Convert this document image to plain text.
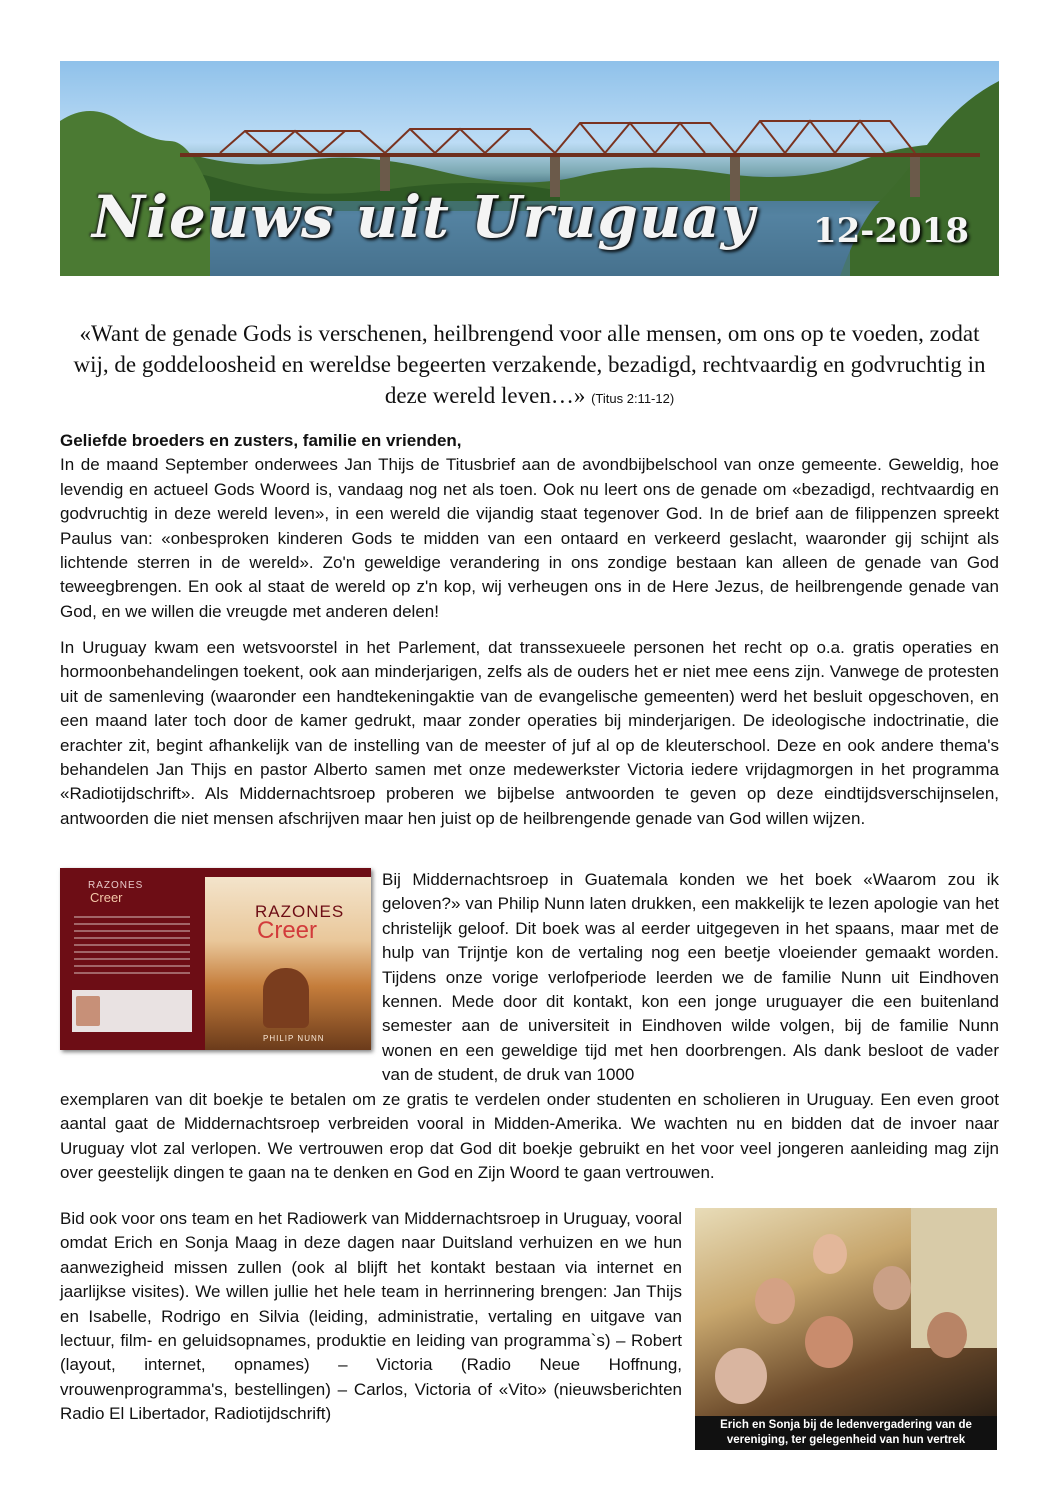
Nieuws uit Uruguay 12-2018
«Want de genade Gods is verschenen, heilbrengend voor alle mensen, om ons op te voeden, zodat wij, de goddeloosheid en wereldse begeerten verzakende, bezadigd, rechtvaardig en godvruchtig in deze wereld leven…» (Titus 2:11-12)
Geliefde broeders en zusters, familie en vrienden,

In de maand September onderwees Jan Thijs de Titusbrief aan de avondbijbelschool van onze gemeente. Geweldig, hoe levendig en actueel Gods Woord is, vandaag nog net als toen. Ook nu leert ons de genade om «bezadigd, rechtvaardig en godvruchtig in deze wereld leven», in een wereld die vijandig staat tegenover God. In de brief aan de filippenzen spreekt Paulus van: «onbesproken kinderen Gods te midden van een ontaard en verkeerd geslacht, waaronder gij schijnt als lichtende sterren in de wereld». Zo'n geweldige verandering in ons zondige bestaan kan alleen de genade van God teweegbrengen. En ook al staat de wereld op z'n kop, wij verheugen ons in de Here Jezus, de heilbrengende genade van God, en we willen die vreugde met anderen delen!

In Uruguay kwam een wetsvoorstel in het Parlement, dat transsexueele personen het recht op o.a. gratis operaties en hormoonbehandelingen toekent, ook aan minderjarigen, zelfs als de ouders het er niet mee eens zijn. Vanwege de protesten uit de samenleving (waaronder een handtekeningaktie van de evangelische gemeenten) werd het besluit opgeschoven, en een maand later toch door de kamer gedrukt, maar zonder operaties bij minderjarigen. De ideologische indoctrinatie, die erachter zit, begint afhankelijk van de instelling van de meester of juf al op de kleuterschool. Deze en ook andere thema's behandelen Jan Thijs en pastor Alberto samen met onze medewerkster Victoria iedere vrijdagmorgen in het programma «Radiotijdschrift». Als Middernachtsroep proberen we bijbelse antwoorden te geven op deze eindtijdsverschijnselen, antwoorden die niet mensen afschrijven maar hen juist op de heilbrengende genade van God willen wijzen.
RAZONES
Creer
RAZONES
Creer
PHILIP NUNN
Bij Middernachtsroep in Guatemala konden we het boek «Waarom zou ik geloven?» van Philip Nunn laten drukken, een makkelijk te lezen apologie van het christelijk geloof. Dit boek was al eerder uitgegeven in het spaans, maar met de hulp van Trijntje kon de vertaling nog een beetje vloeiender gemaakt worden. Tijdens onze vorige verlofperiode leerden we de familie Nunn uit Eindhoven kennen. Mede door dit kontakt, kon een jonge uruguayer die een buitenland semester aan de universiteit in Eindhoven wilde volgen, bij de familie Nunn wonen en een geweldige tijd met hen doorbrengen. Als dank besloot de vader van de student, de druk van 1000
exemplaren van dit boekje te betalen om ze gratis te verdelen onder studenten en scholieren in Uruguay. Een even groot aantal gaat de Middernachtsroep verbreiden vooral in Midden-Amerika. We wachten nu en bidden dat de invoer naar Uruguay vlot zal verlopen. We vertrouwen erop dat God dit boekje gebruikt en het voor veel jongeren aanleiding mag zijn over geestelijk dingen te gaan na te denken en God en Zijn Woord te gaan vertrouwen.
Bid ook voor ons team en het Radiowerk van Middernachtsroep in Uruguay, vooral omdat Erich en Sonja Maag in deze dagen naar Duitsland verhuizen en we hun aanwezigheid missen zullen (ook al blijft het kontakt bestaan via internet en jaarlijkse visites). We willen jullie het hele team in herrinnering brengen: Jan Thijs en Isabelle, Rodrigo en Silvia (leiding, administratie, vertaling en uitgave van lectuur, film- en geluidsopnames, produktie en leiding van programma`s) – Robert (layout, internet, opnames) – Victoria (Radio Neue Hoffnung, vrouwenprogramma's, bestellingen) – Carlos, Victoria of «Vito» (nieuwsberichten Radio El Libertador, Radiotijdschrift)
Erich en Sonja bij de ledenvergadering van de vereniging, ter gelegenheid van hun vertrek
